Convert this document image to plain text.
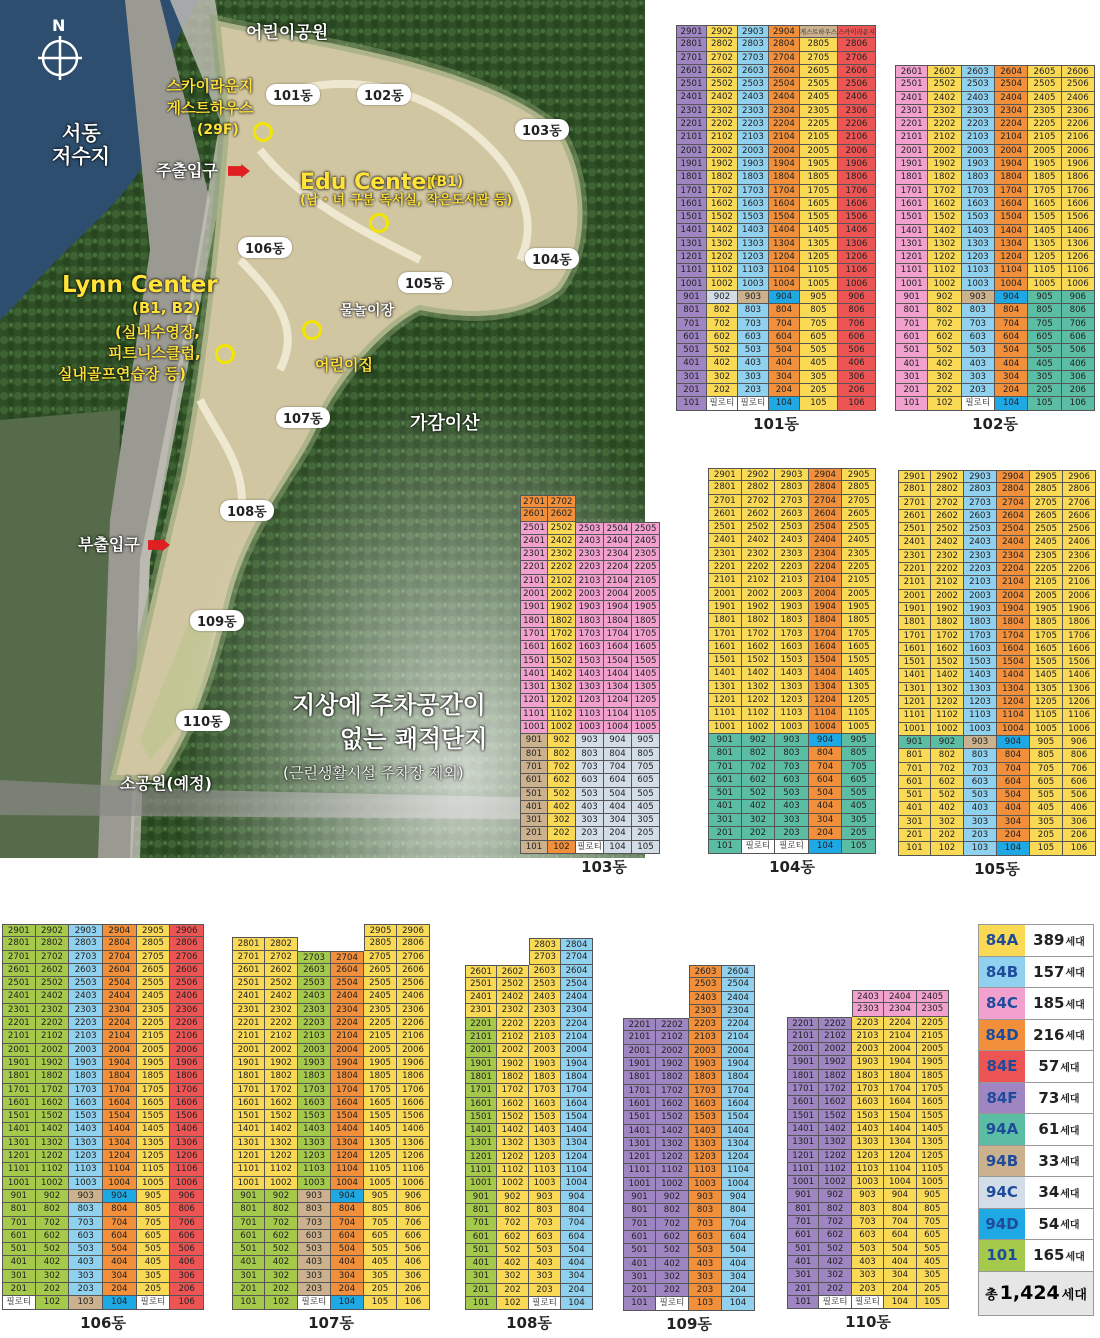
N	어린이공원
스카이라운지
게스트하우스
(29F)
서동
저수지
주출입구	Edu Center
(B1)
(남 · 녀 구분 독서실, 작은도서관 등)
Lynn Center
(B1, B2)
(실내수영장,
피트니스클럽,
실내골프연습장 등)
물놀이장
어린이집
가감이산
부출입구
소공원(예정)
지상에 주차공간이
없는 쾌적단지
(근린생활시설 주차장 제외)
101동	102동
103동
104동
105동
106동
107동
108동
109동
110동
2901 2902	2903	2904 게스트하우스 스카이라운지
2801 2802	2803	2804	2805	2806
2701 2702	2703	2704	2705	2706
2601 2602	2603	2604	2605	2606
2501 2502	2503	2504	2505	2506
2401 2402	2403	2404	2405	2406
2301 2302	2303	2304	2305	2306
2201 2202	2203	2204	2205	2206
2101 2102	2103	2104	2105	2106
2001 2002	2003	2004	2005	2006
1901 1902	1903	1904	1905	1906
1801 1802	1803	1804	1805	1806
1701 1702	1703	1704	1705	1706
1601 1602	1603	1604	1605	1606
1501 1502	1503	1504	1505	1506
1401 1402	1403	1404	1405	1406
1301 1302	1303	1304	1305	1306
1201 1202	1203	1204	1205	1206
1101 1102	1103	1104	1105	1106
1001 1002	1003	1004	1005	1006
901	902	903	904	905	906
801	802	803	804	805	806
701	702	703	704	705	706
601	602	603	604	605	606
501	502	503	504	505	506
401	402	403	404	405	406
301	302	303	304	305	306
201	202	203	204	205	206
101	필로티 필로티	104	105	106
101동
2601	2602	2603	2604	2605	2606
2501	2502	2503	2504	2505	2506
2401	2402	2403	2404	2405	2406
2301	2302	2303	2304	2305	2306
2201	2202	2203	2204	2205	2206
2101	2102	2103	2104	2105	2106
2001	2002	2003	2004	2005	2006
1901	1902	1903	1904	1905	1906
1801	1802	1803	1804	1805	1806
1701	1702	1703	1704	1705	1706
1601	1602	1603	1604	1605	1606
1501	1502	1503	1504	1505	1506
1401	1402	1403	1404	1405	1406
1301	1302	1303	1304	1305	1306
1201	1202	1203	1204	1205	1206
1101	1102	1103	1104	1105	1106
1001	1002	1003	1004	1005	1006
901	902	903	904	905	906
801	802	803	804	805	806
701	702	703	704	705	706
601	602	603	604	605	606
501	502	503	504	505	506
401	402	403	404	405	406
301	302	303	304	305	306
201	202	203	204	205	206
101	102	필로티	104	105	106
102동
2701 2702
2601 2602
2501 2502 2503 2504 2505
2401 2402 2403 2404 2405
2301 2302 2303 2304 2305
2201 2202 2203 2204 2205
2101 2102 2103 2104 2105
2001 2002 2003 2004 2005
1901 1902 1903 1904 1905
1801 1802 1803 1804 1805
1701 1702 1703 1704 1705
1601 1602 1603 1604 1605
1501 1502 1503 1504 1505
1401 1402 1403 1404 1405
1301 1302 1303 1304 1305
1201 1202 1203 1204 1205
1101 1102 1103 1104 1105
1001 1002 1003 1004 1005
901	902	903	904	905
801	802	803	804	805
701	702	703	704	705
601	602	603	604	605
501	502	503	504	505
401	402	403	404	405
301	302	303	304	305
201	202	203	204	205
101	102 필로티 104	105
103동
2901	2902	2903	2904	2905
2801	2802	2803	2804	2805
2701	2702	2703	2704	2705
2601	2602	2603	2604	2605
2501	2502	2503	2504	2505
2401	2402	2403	2404	2405
2301	2302	2303	2304	2305
2201	2202	2203	2204	2205
2101	2102	2103	2104	2105
2001	2002	2003	2004	2005
1901	1902	1903	1904	1905
1801	1802	1803	1804	1805
1701	1702	1703	1704	1705
1601	1602	1603	1604	1605
1501	1502	1503	1504	1505
1401	1402	1403	1404	1405
1301	1302	1303	1304	1305
1201	1202	1203	1204	1205
1101	1102	1103	1104	1105
1001	1002	1003	1004	1005
901	902	903	904	905
801	802	803	804	805
701	702	703	704	705
601	602	603	604	605
501	502	503	504	505
401	402	403	404	405
301	302	303	304	305
201	202	203	204	205
101	필로티	필로티	104	105
104동
2901	2902	2903	2904	2905	2906
2801	2802	2803	2804	2805	2806
2701	2702	2703	2704	2705	2706
2601	2602	2603	2604	2605	2606
2501	2502	2503	2504	2505	2506
2401	2402	2403	2404	2405	2406
2301	2302	2303	2304	2305	2306
2201	2202	2203	2204	2205	2206
2101	2102	2103	2104	2105	2106
2001	2002	2003	2004	2005	2006
1901	1902	1903	1904	1905	1906
1801	1802	1803	1804	1805	1806
1701	1702	1703	1704	1705	1706
1601	1602	1603	1604	1605	1606
1501	1502	1503	1504	1505	1506
1401	1402	1403	1404	1405	1406
1301	1302	1303	1304	1305	1306
1201	1202	1203	1204	1205	1206
1101	1102	1103	1104	1105	1106
1001	1002	1003	1004	1005	1006
901	902	903	904	905	906
801	802	803	804	805	806
701	702	703	704	705	706
601	602	603	604	605	606
501	502	503	504	505	506
401	402	403	404	405	406
301	302	303	304	305	306
201	202	203	204	205	206
101	102	103	104	105	106
105동
2901	2902	2903	2904	2905	2906
2801	2802	2803	2804	2805	2806
2701	2702	2703	2704	2705	2706
2601	2602	2603	2604	2605	2606
2501	2502	2503	2504	2505	2506
2401	2402	2403	2404	2405	2406
2301	2302	2303	2304	2305	2306
2201	2202	2203	2204	2205	2206
2101	2102	2103	2104	2105	2106
2001	2002	2003	2004	2005	2006
1901	1902	1903	1904	1905	1906
1801	1802	1803	1804	1805	1806
1701	1702	1703	1704	1705	1706
1601	1602	1603	1604	1605	1606
1501	1502	1503	1504	1505	1506
1401	1402	1403	1404	1405	1406
1301	1302	1303	1304	1305	1306
1201	1202	1203	1204	1205	1206
1101	1102	1103	1104	1105	1106
1001	1002	1003	1004	1005	1006
901	902	903	904	905	906
801	802	803	804	805	806
701	702	703	704	705	706
601	602	603	604	605	606
501	502	503	504	505	506
401	402	403	404	405	406
301	302	303	304	305	306
201	202	203	204	205	206
필로티	102	103	104	필로티	106
106동
2905	2906
2801	2802	2805	2806
2701	2702	2703	2704	2705	2706
2601	2602	2603	2604	2605	2606
2501	2502	2503	2504	2505	2506
2401	2402	2403	2404	2405	2406
2301	2302	2303	2304	2305	2306
2201	2202	2203	2204	2205	2206
2101	2102	2103	2104	2105	2106
2001	2002	2003	2004	2005	2006
1901	1902	1903	1904	1905	1906
1801	1802	1803	1804	1805	1806
1701	1702	1703	1704	1705	1706
1601	1602	1603	1604	1605	1606
1501	1502	1503	1504	1505	1506
1401	1402	1403	1404	1405	1406
1301	1302	1303	1304	1305	1306
1201	1202	1203	1204	1205	1206
1101	1102	1103	1104	1105	1106
1001	1002	1003	1004	1005	1006
901	902	903	904	905	906
801	802	803	804	805	806
701	702	703	704	705	706
601	602	603	604	605	606
501	502	503	504	505	506
401	402	403	404	405	406
301	302	303	304	305	306
201	202	203	204	205	206
101	102	필로티	104	105	106
107동
2803	2804
2703	2704
2601	2602	2603	2604
2501	2502	2503	2504
2401	2402	2403	2404
2301	2302	2303	2304
2201	2202	2203	2204
2101	2102	2103	2104
2001	2002	2003	2004
1901	1902	1903	1904
1801	1802	1803	1804
1701	1702	1703	1704
1601	1602	1603	1604
1501	1502	1503	1504
1401	1402	1403	1404
1301	1302	1303	1304
1201	1202	1203	1204
1101	1102	1103	1104
1001	1002	1003	1004
901	902	903	904
801	802	803	804
701	702	703	704
601	602	603	604
501	502	503	504
401	402	403	404
301	302	303	304
201	202	203	204
101	102	필로티	104
108동
2603	2604
2503	2504
2403	2404
2303	2304
2201	2202	2203	2204
2101	2102	2103	2104
2001	2002	2003	2004
1901	1902	1903	1904
1801	1802	1803	1804
1701	1702	1703	1704
1601	1602	1603	1604
1501	1502	1503	1504
1401	1402	1403	1404
1301	1302	1303	1304
1201	1202	1203	1204
1101	1102	1103	1104
1001	1002	1003	1004
901	902	903	904
801	802	803	804
701	702	703	704
601	602	603	604
501	502	503	504
401	402	403	404
301	302	303	304
201	202	203	204
101	필로티	103	104
109동
2403	2404	2405
2303	2304	2305
2201	2202	2203	2204	2205
2101	2102	2103	2104	2105
2001	2002	2003	2004	2005
1901	1902	1903	1904	1905
1801	1802	1803	1804	1805
1701	1702	1703	1704	1705
1601	1602	1603	1604	1605
1501	1502	1503	1504	1505
1401	1402	1403	1404	1405
1301	1302	1303	1304	1305
1201	1202	1203	1204	1205
1101	1102	1103	1104	1105
1001	1002	1003	1004	1005
901	902	903	904	905
801	802	803	804	805
701	702	703	704	705
601	602	603	604	605
501	502	503	504	505
401	402	403	404	405
301	302	303	304	305
201	202	203	204	205
101	필로티 필로티	104	105
110동
84A 389 세대
84B	157 세대
84C	185 세대
84D 216 세대
84E	57 세대
84F	73 세대
94A	61 세대
94B	33 세대
94C	34 세대
94D	54 세대
101	165 세대
총 1,424 세대
